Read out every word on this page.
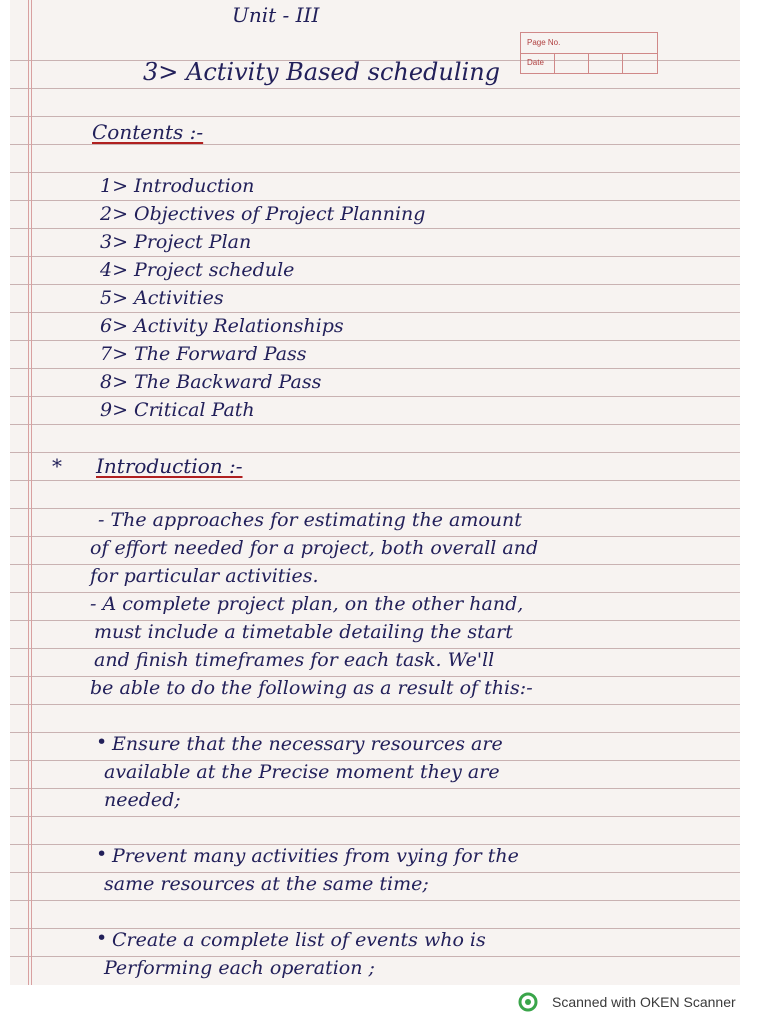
Unit - III
Page No.
Date
3> Activity Based scheduling
Contents :-
1> Introduction
2> Objectives of Project Planning
3> Project Plan
4> Project schedule
5> Activities
6> Activity Relationships
7> The Forward Pass
8> The Backward Pass
9> Critical Path
* Introduction :-
- The approaches for estimating the amount
of effort needed for a project, both overall and
for particular activities.
- A complete project plan, on the other hand,
must include a timetable detailing the start
and finish timeframes for each task. We'll
be able to do the following as a result of this:-
• Ensure that the necessary resources are
available at the Precise moment they are
needed;
• Prevent many activities from vying for the
same resources at the same time;
• Create a complete list of events who is
Performing each operation ;
Scanned with OKEN Scanner
